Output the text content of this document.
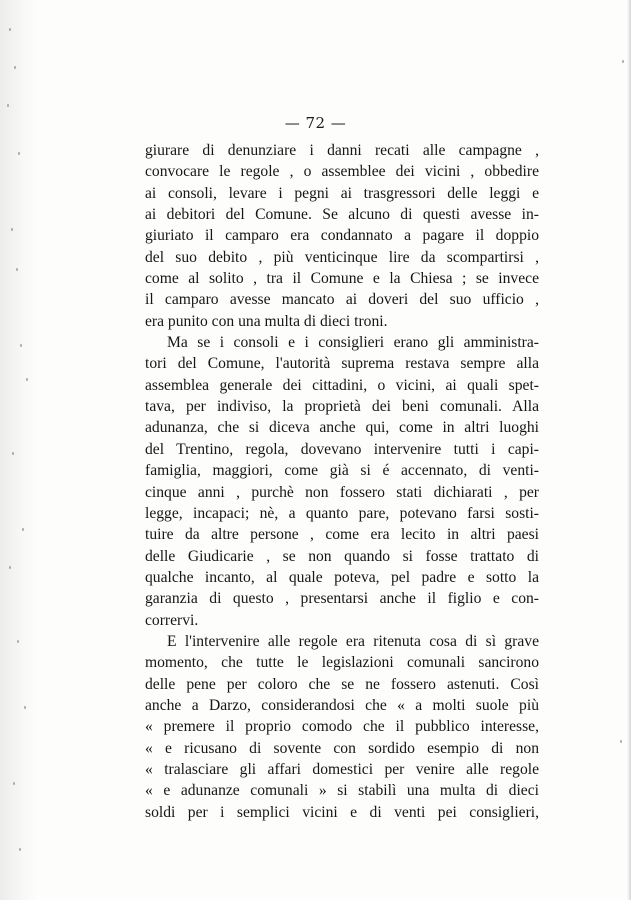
— 72 —
giurare di denunziare i danni recati alle campagne ,
convocare le regole , o assemblee dei vicini , obbedire
ai consoli, levare i pegni ai trasgressori delle leggi e
ai debitori del Comune. Se alcuno di questi avesse in-
giuriato il camparo era condannato a pagare il doppio
del suo debito , più venticinque lire da scompartirsi ,
come al solito , tra il Comune e la Chiesa ; se invece
il camparo avesse mancato ai doveri del suo ufficio ,
era punito con una multa di dieci troni.
Ma se i consoli e i consiglieri erano gli amministra-
tori del Comune, l'autorità suprema restava sempre alla
assemblea generale dei cittadini, o vicini, ai quali spet-
tava, per indiviso, la proprietà dei beni comunali. Alla
adunanza, che si diceva anche qui, come in altri luoghi
del Trentino, regola, dovevano intervenire tutti i capi-
famiglia, maggiori, come già si é accennato, di venti-
cinque anni , purchè non fossero stati dichiarati , per
legge, incapaci; nè, a quanto pare, potevano farsi sosti-
tuire da altre persone , come era lecito in altri paesi
delle Giudicarie , se non quando si fosse trattato di
qualche incanto, al quale poteva, pel padre e sotto la
garanzia di questo , presentarsi anche il figlio e con-
corrervi.
E l'intervenire alle regole era ritenuta cosa di sì grave
momento, che tutte le legislazioni comunali sancirono
delle pene per coloro che se ne fossero astenuti. Così
anche a Darzo, considerandosi che « a molti suole più
« premere il proprio comodo che il pubblico interesse,
« e ricusano di sovente con sordido esempio di non
« tralasciare gli affari domestici per venire alle regole
« e adunanze comunali » si stabilì una multa di dieci
soldi per i semplici vicini e di venti pei consiglieri,
